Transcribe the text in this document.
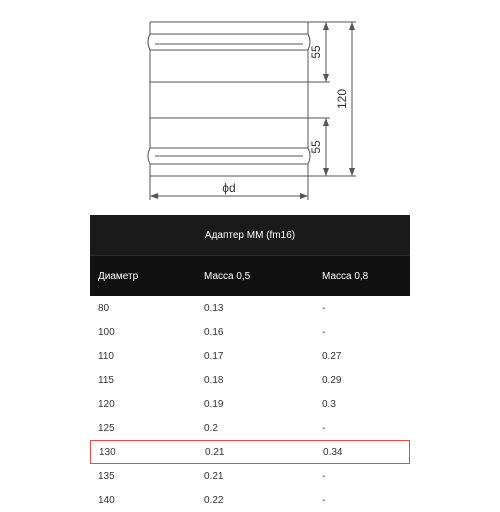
55
55
120
ϕd
Адаптер ММ (fm16)
Диаметр	Масса 0,5	Масса 0,8
80	0.13	-
100	0.16	-
110	0.17	0.27
115	0.18	0.29
120	0.19	0.3
125	0.2	-
130	0.21	0.34
135	0.21	-
140	0.22	-
